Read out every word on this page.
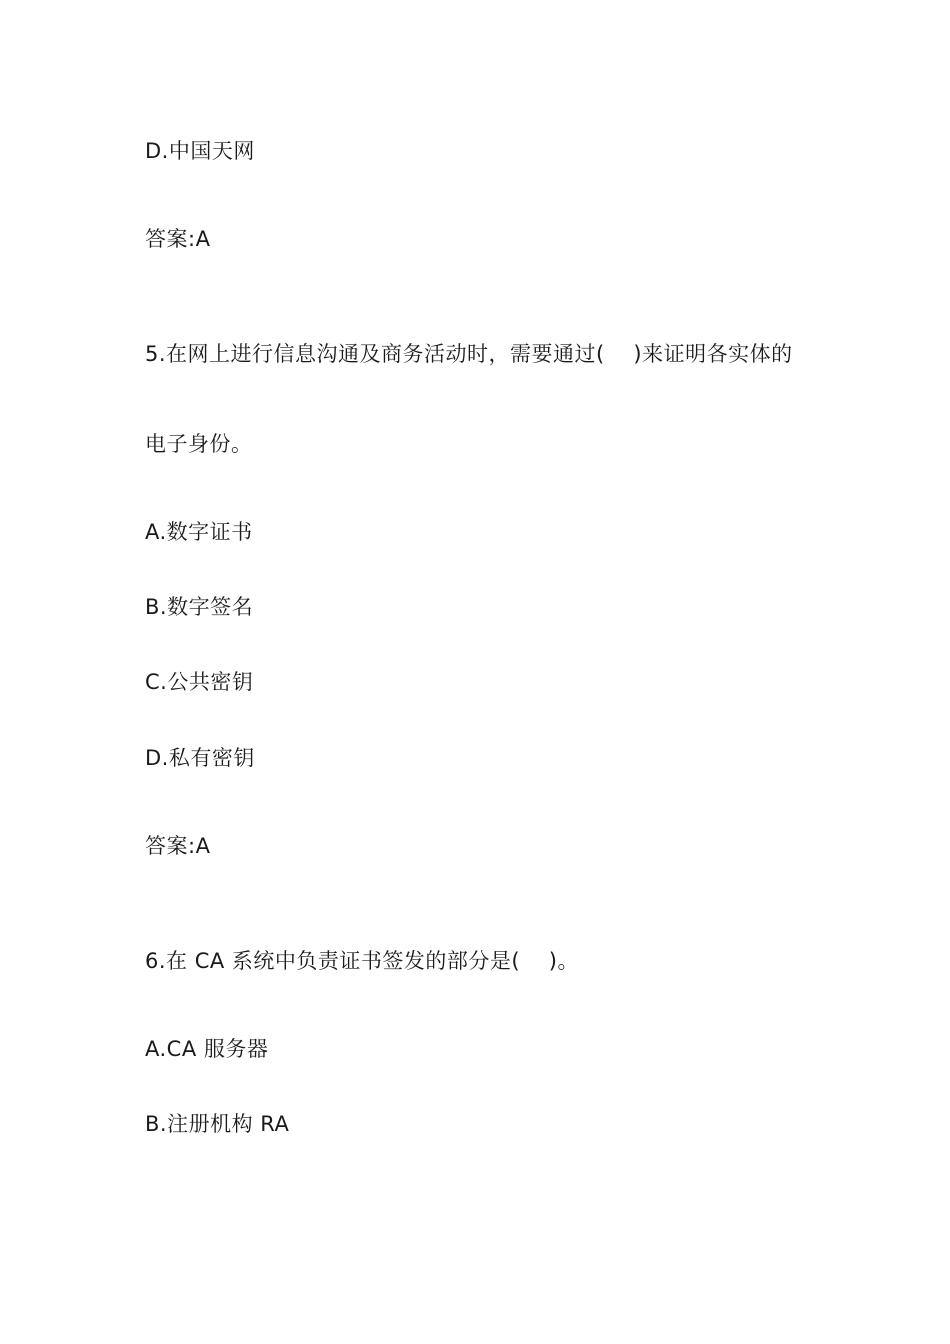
D.中国天网
答案:A
5.在网上进行信息沟通及商务活动时，需要通过(    )来证明各实体的
电子身份。
A.数字证书
B.数字签名
C.公共密钥
D.私有密钥
答案:A
6.在 CA 系统中负责证书签发的部分是(    )。
A.CA 服务器
B.注册机构 RA
